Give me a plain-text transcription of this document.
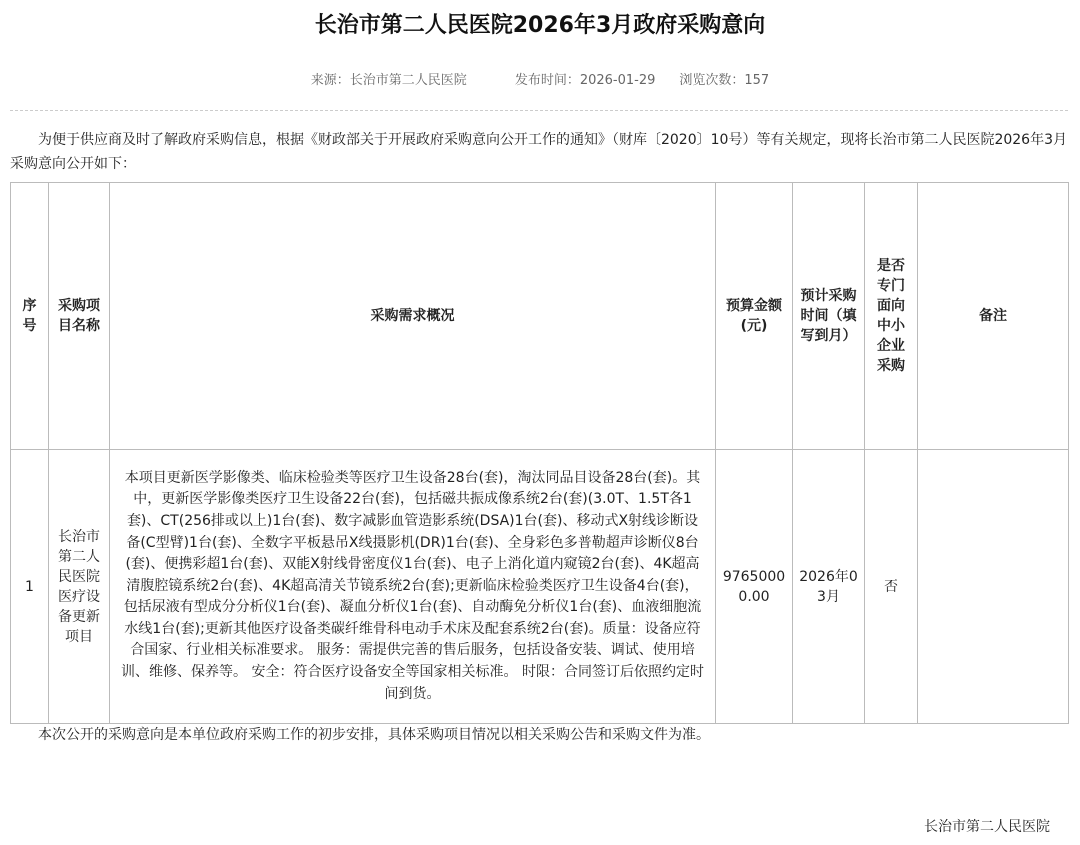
长治市第二人民医院2026年3月政府采购意向
来源：长治市第二人民医院	发布时间：2026-01-29 浏览次数：157
为便于供应商及时了解政府采购信息，根据《财政部关于开展政府采购意向公开工作的通知》（财库〔2020〕10号）等有关规定，现将长治市第二人民医院2026年3月采购意向公开如下：
序号	采购项目名称	采购需求概况	预算金额(元)	预计采购时间（填写到月）	是否专门面向中小企业采购	备注
1	长治市第二人民医院医疗设备更新项目	本项目更新医学影像类、临床检验类等医疗卫生设备28台(套)，淘汰同品目设备28台(套)。其中，更新医学影像类医疗卫生设备22台(套)，包括磁共振成像系统2台(套)(3.0T、1.5T各1套)、CT(256排或以上)1台(套)、数字减影血管造影系统(DSA)1台(套)、移动式X射线诊断设备(C型臂)1台(套)、全数字平板悬吊X线摄影机(DR)1台(套)、全身彩色多普勒超声诊断仪8台(套)、便携彩超1台(套)、双能X射线骨密度仪1台(套)、电子上消化道内窥镜2台(套)、4K超高清腹腔镜系统2台(套)、4K超高清关节镜系统2台(套);更新临床检验类医疗卫生设备4台(套)，包括尿液有型成分分析仪1台(套)、凝血分析仪1台(套)、自动酶免分析仪1台(套)、血液细胞流水线1台(套);更新其他医疗设备类碳纤维骨科电动手术床及配套系统2台(套)。质量：设备应符合国家、行业相关标准要求。 服务：需提供完善的售后服务，包括设备安装、调试、使用培训、维修、保养等。 安全：符合医疗设备安全等国家相关标准。 时限：合同签订后依照约定时间到货。	97650000.00	2026年03月	否	
本次公开的采购意向是本单位政府采购工作的初步安排，具体采购项目情况以相关采购公告和采购文件为准。
长治市第二人民医院
